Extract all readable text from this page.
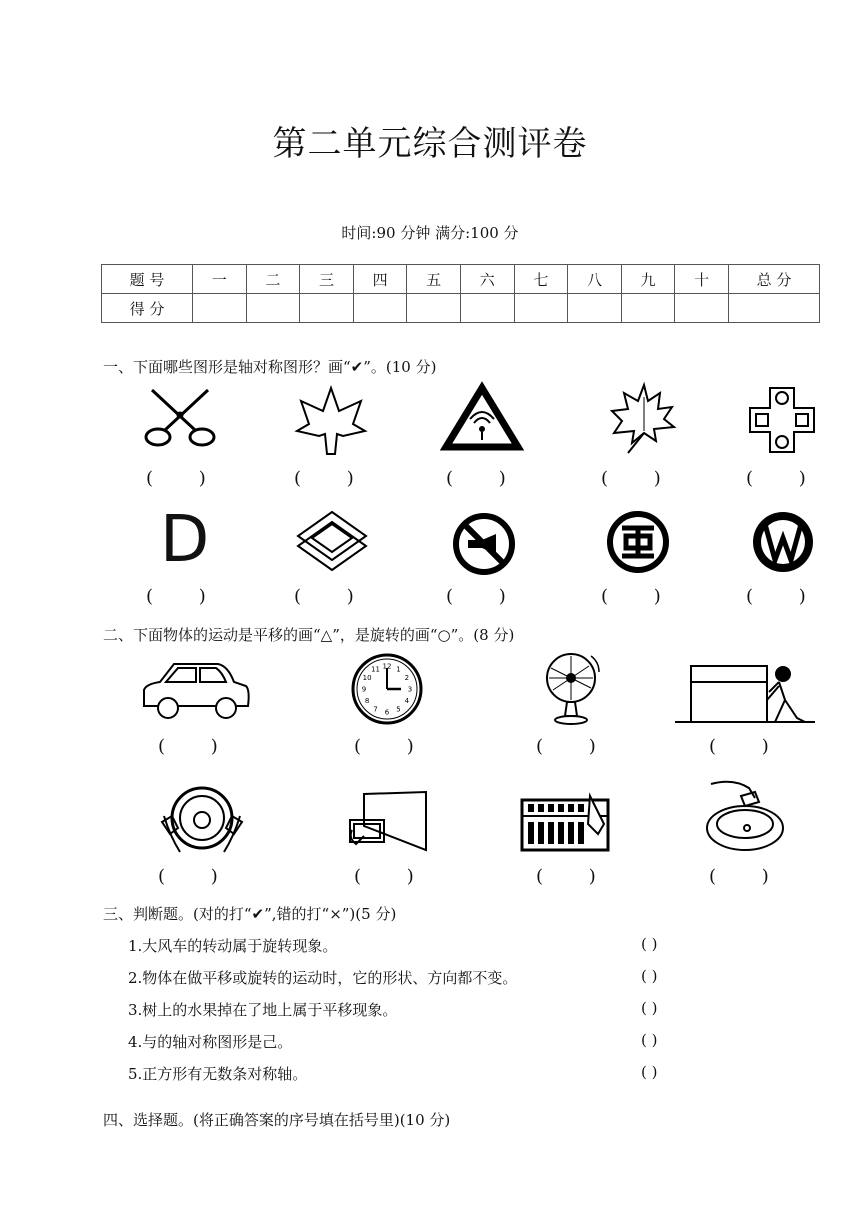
第二单元综合测评卷
时间:90 分钟 满分:100 分
题 号	一	二	三	四	五	六	七	八	九	十	总 分
得 分											
一、下面哪些图形是轴对称图形？画“✔”。(10 分)
(        )	(        )	(        )	(        )	(        )
D
(        )	(        )	(        )	(        )	(        )
二、下面物体的运动是平移的画“△”，是旋转的画“○”。(8 分)
12 1
2
3
4
5
6
7
8
9
10
11
(        )	(        )	(        )	(        )
(        )	(        )	(        )	(        )
三、判断题。(对的打“✔”,错的打“×”)(5 分)
1.大风车的转动属于旋转现象。	( )
2.物体在做平移或旋转的运动时，它的形状、方向都不变。	( )
3.树上的水果掉在了地上属于平移现象。	( )
4.与的轴对称图形是己。	( )
5.正方形有无数条对称轴。	( )
四、选择题。(将正确答案的序号填在括号里)(10 分)
